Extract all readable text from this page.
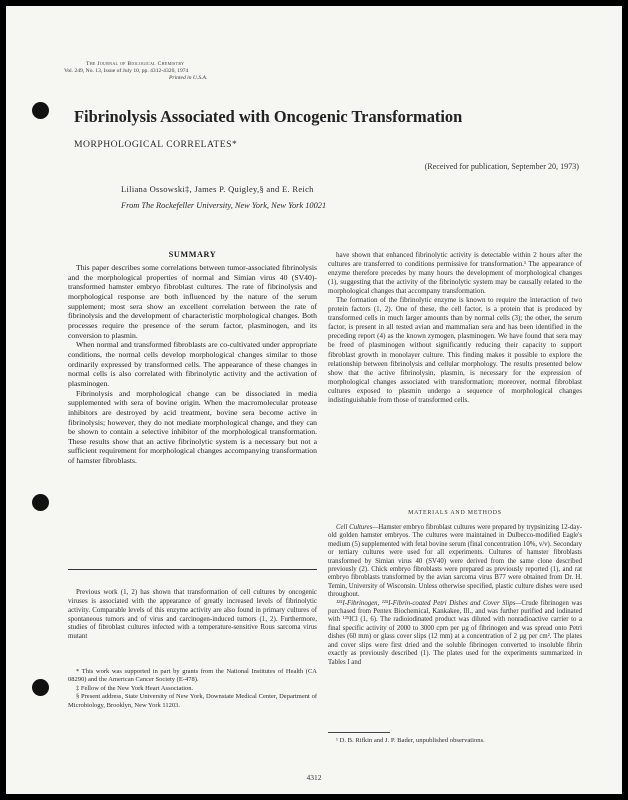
The Journal of Biological Chemistry
Vol. 249, No. 13, Issue of July 10, pp. 4312-4320, 1974
Printed in U.S.A.
Fibrinolysis Associated with Oncogenic Transformation
MORPHOLOGICAL CORRELATES*
(Received for publication, September 20, 1973)
Liliana Ossowski‡, James P. Quigley,§ and E. Reich
From The Rockefeller University, New York, New York 10021
SUMMARY

This paper describes some correlations between tumor-associated fibrinolysis and the morphological properties of normal and Simian virus 40 (SV40)-transformed hamster embryo fibroblast cultures. The rate of fibrinolysis and morphological response are both influenced by the nature of the serum supplement; most sera show an excellent correlation between the rate of fibrinolysis and the development of characteristic morphological changes. Both processes require the presence of the serum factor, plasminogen, and its conversion to plasmin.

When normal and transformed fibroblasts are co-cultivated under appropriate conditions, the normal cells develop morphological changes similar to those ordinarily expressed by transformed cells. The appearance of these changes in normal cells is also correlated with fibrinolytic activity and the activation of plasminogen.

Fibrinolysis and morphological change can be dissociated in media supplemented with sera of bovine origin. When the macromolecular protease inhibitors are destroyed by acid treatment, bovine sera become active in fibrinolysis; however, they do not mediate morphological change, and they can be shown to contain a selective inhibitor of the morphological transformation. These results show that an active fibrinolytic system is a necessary but not a sufficient requirement for morphological changes accompanying transformation of hamster fibroblasts.

Previous work (1, 2) has shown that transformation of cell cultures by oncogenic viruses is associated with the appearance of greatly increased levels of fibrinolytic activity. Comparable levels of this enzyme activity are also found in primary cultures of spontaneous tumors and of virus and carcinogen-induced tumors (1, 2). Furthermore, studies of fibroblast cultures infected with a temperature-sensitive Rous sarcoma virus mutant

* This work was supported in part by grants from the National Institutes of Health (CA 08290) and the American Cancer Society (E-478).

‡ Fellow of the New York Heart Association.

§ Present address, State University of New York, Downstate Medical Center, Department of Microbiology, Brooklyn, New York 11203.

have shown that enhanced fibrinolytic activity is detectable within 2 hours after the cultures are transferred to conditions permissive for transformation.¹ The appearance of enzyme therefore precedes by many hours the development of morphological changes (1), suggesting that the activity of the fibrinolytic system may be causally related to the morphological changes that accompany transformation.

The formation of the fibrinolytic enzyme is known to require the interaction of two protein factors (1, 2). One of these, the cell factor, is a protein that is produced by transformed cells in much larger amounts than by normal cells (3); the other, the serum factor, is present in all tested avian and mammalian sera and has been identified in the preceding report (4) as the known zymogen, plasminogen. We have found that sera may be freed of plasminogen without significantly reducing their capacity to support fibroblast growth in monolayer culture. This finding makes it possible to explore the relationship between fibrinolysis and cellular morphology. The results presented below show that the active fibrinolysin, plasmin, is necessary for the expression of morphological changes associated with transformation; moreover, normal fibroblast cultures exposed to plasmin undergo a sequence of morphological changes indistinguishable from those of transformed cells.

MATERIALS AND METHODS

Cell Cultures—Hamster embryo fibroblast cultures were prepared by trypsinizing 12-day-old golden hamster embryos. The cultures were maintained in Dulbecco-modified Eagle's medium (5) supplemented with fetal bovine serum (final concentration 10%, v/v). Secondary or tertiary cultures were used for all experiments. Cultures of hamster fibroblasts transformed by Simian virus 40 (SV40) were derived from the same clone described previously (2). Chick embryo fibroblasts were prepared as previously reported (1), and rat embryo fibroblasts transformed by the avian sarcoma virus B77 were obtained from Dr. H. Temin, University of Wisconsin. Unless otherwise specified, plastic culture dishes were used throughout.

¹²⁵I-Fibrinogen, ¹²⁵I-Fibrin-coated Petri Dishes and Cover Slips—Crude fibrinogen was purchased from Pentex Biochemical, Kankakee, Ill., and was further purified and iodinated with ¹²⁵ICl (1, 6). The radioiodinated product was diluted with nonradioactive carrier to a final specific activity of 2000 to 3000 cpm per µg of fibrinogen and was spread onto Petri dishes (60 mm) or glass cover slips (12 mm) at a concentration of 2 µg per cm². The plates and cover slips were first dried and the soluble fibrinogen converted to insoluble fibrin exactly as previously described (1). The plates used for the experiments summarized in Tables I and

¹ D. B. Rifkin and J. P. Bader, unpublished observations.
4312
